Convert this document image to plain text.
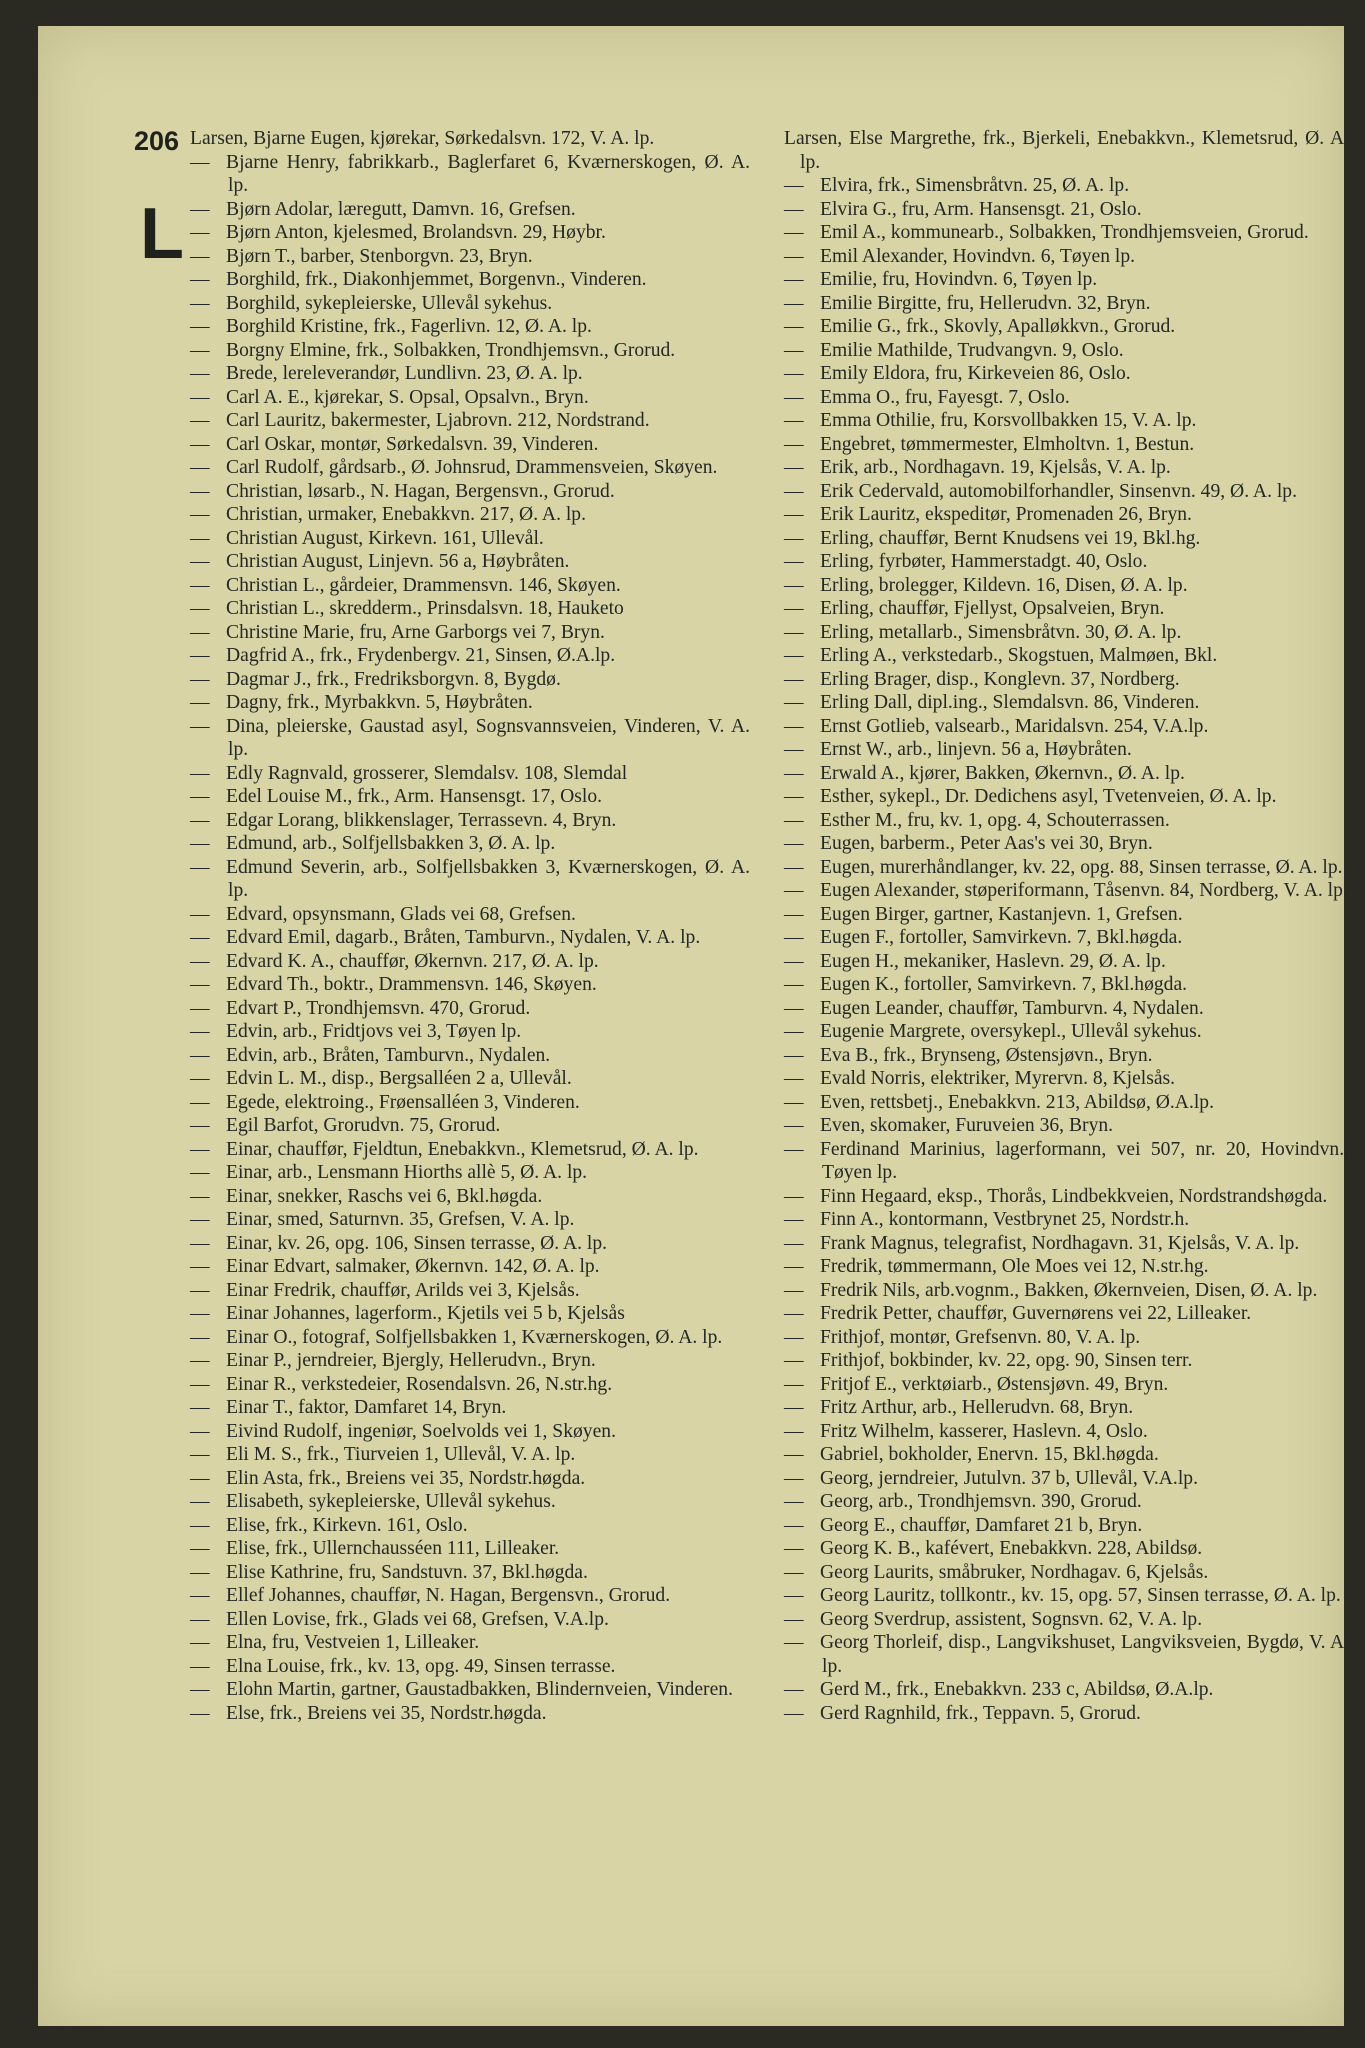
206
L
Larsen, Bjarne Eugen, kjørekar, Sørkedalsvn. 172, V. A. lp.
— Bjarne Henry, fabrikkarb., Baglerfaret 6, Kværnerskogen, Ø. A. lp.
— Bjørn Adolar, læregutt, Damvn. 16, Grefsen.
— Bjørn Anton, kjelesmed, Brolandsvn. 29, Høybr.
— Bjørn T., barber, Stenborgvn. 23, Bryn.
— Borghild, frk., Diakonhjemmet, Borgenvn., Vinderen.
— Borghild, sykepleierske, Ullevål sykehus.
— Borghild Kristine, frk., Fagerlivn. 12, Ø. A. lp.
— Borgny Elmine, frk., Solbakken, Trondhjemsvn., Grorud.
— Brede, lereleverandør, Lundlivn. 23, Ø. A. lp.
— Carl A. E., kjørekar, S. Opsal, Opsalvn., Bryn.
— Carl Lauritz, bakermester, Ljabrovn. 212, Nordstrand.
— Carl Oskar, montør, Sørkedalsvn. 39, Vinderen.
— Carl Rudolf, gårdsarb., Ø. Johnsrud, Drammensveien, Skøyen.
— Christian, løsarb., N. Hagan, Bergensvn., Grorud.
— Christian, urmaker, Enebakkvn. 217, Ø. A. lp.
— Christian August, Kirkevn. 161, Ullevål.
— Christian August, Linjevn. 56 a, Høybråten.
— Christian L., gårdeier, Drammensvn. 146, Skøyen.
— Christian L., skredderm., Prinsdalsvn. 18, Hauketo
— Christine Marie, fru, Arne Garborgs vei 7, Bryn.
— Dagfrid A., frk., Frydenbergv. 21, Sinsen, Ø.A.lp.
— Dagmar J., frk., Fredriksborgvn. 8, Bygdø.
— Dagny, frk., Myrbakkvn. 5, Høybråten.
— Dina, pleierske, Gaustad asyl, Sognsvannsveien, Vinderen, V. A. lp.
— Edly Ragnvald, grosserer, Slemdalsv. 108, Slemdal
— Edel Louise M., frk., Arm. Hansensgt. 17, Oslo.
— Edgar Lorang, blikkenslager, Terrassevn. 4, Bryn.
— Edmund, arb., Solfjellsbakken 3, Ø. A. lp.
— Edmund Severin, arb., Solfjellsbakken 3, Kværnerskogen, Ø. A. lp.
— Edvard, opsynsmann, Glads vei 68, Grefsen.
— Edvard Emil, dagarb., Bråten, Tamburvn., Nydalen, V. A. lp.
— Edvard K. A., chauffør, Økernvn. 217, Ø. A. lp.
— Edvard Th., boktr., Drammensvn. 146, Skøyen.
— Edvart P., Trondhjemsvn. 470, Grorud.
— Edvin, arb., Fridtjovs vei 3, Tøyen lp.
— Edvin, arb., Bråten, Tamburvn., Nydalen.
— Edvin L. M., disp., Bergsalléen 2 a, Ullevål.
— Egede, elektroing., Frøensalléen 3, Vinderen.
— Egil Barfot, Grorudvn. 75, Grorud.
— Einar, chauffør, Fjeldtun, Enebakkvn., Klemetsrud, Ø. A. lp.
— Einar, arb., Lensmann Hiorths allè 5, Ø. A. lp.
— Einar, snekker, Raschs vei 6, Bkl.høgda.
— Einar, smed, Saturnvn. 35, Grefsen, V. A. lp.
— Einar, kv. 26, opg. 106, Sinsen terrasse, Ø. A. lp.
— Einar Edvart, salmaker, Økernvn. 142, Ø. A. lp.
— Einar Fredrik, chauffør, Arilds vei 3, Kjelsås.
— Einar Johannes, lagerform., Kjetils vei 5 b, Kjelsås
— Einar O., fotograf, Solfjellsbakken 1, Kværnerskogen, Ø. A. lp.
— Einar P., jerndreier, Bjergly, Hellerudvn., Bryn.
— Einar R., verkstedeier, Rosendalsvn. 26, N.str.hg.
— Einar T., faktor, Damfaret 14, Bryn.
— Eivind Rudolf, ingeniør, Soelvolds vei 1, Skøyen.
— Eli M. S., frk., Tiurveien 1, Ullevål, V. A. lp.
— Elin Asta, frk., Breiens vei 35, Nordstr.høgda.
— Elisabeth, sykepleierske, Ullevål sykehus.
— Elise, frk., Kirkevn. 161, Oslo.
— Elise, frk., Ullernchausséen 111, Lilleaker.
— Elise Kathrine, fru, Sandstuvn. 37, Bkl.høgda.
— Ellef Johannes, chauffør, N. Hagan, Bergensvn., Grorud.
— Ellen Lovise, frk., Glads vei 68, Grefsen, V.A.lp.
— Elna, fru, Vestveien 1, Lilleaker.
— Elna Louise, frk., kv. 13, opg. 49, Sinsen terrasse.
— Elohn Martin, gartner, Gaustadbakken, Blindernveien, Vinderen.
— Else, frk., Breiens vei 35, Nordstr.høgda.
Larsen, Else Margrethe, frk., Bjerkeli, Enebakkvn., Klemetsrud, Ø. A. lp.
— Elvira, frk., Simensbråtvn. 25, Ø. A. lp.
— Elvira G., fru, Arm. Hansensgt. 21, Oslo.
— Emil A., kommunearb., Solbakken, Trondhjemsveien, Grorud.
— Emil Alexander, Hovindvn. 6, Tøyen lp.
— Emilie, fru, Hovindvn. 6, Tøyen lp.
— Emilie Birgitte, fru, Hellerudvn. 32, Bryn.
— Emilie G., frk., Skovly, Apalløkkvn., Grorud.
— Emilie Mathilde, Trudvangvn. 9, Oslo.
— Emily Eldora, fru, Kirkeveien 86, Oslo.
— Emma O., fru, Fayesgt. 7, Oslo.
— Emma Othilie, fru, Korsvollbakken 15, V. A. lp.
— Engebret, tømmermester, Elmholtvn. 1, Bestun.
— Erik, arb., Nordhagavn. 19, Kjelsås, V. A. lp.
— Erik Cedervald, automobilforhandler, Sinsenvn. 49, Ø. A. lp.
— Erik Lauritz, ekspeditør, Promenaden 26, Bryn.
— Erling, chauffør, Bernt Knudsens vei 19, Bkl.hg.
— Erling, fyrbøter, Hammerstadgt. 40, Oslo.
— Erling, brolegger, Kildevn. 16, Disen, Ø. A. lp.
— Erling, chauffør, Fjellyst, Opsalveien, Bryn.
— Erling, metallarb., Simensbråtvn. 30, Ø. A. lp.
— Erling A., verkstedarb., Skogstuen, Malmøen, Bkl.
— Erling Brager, disp., Konglevn. 37, Nordberg.
— Erling Dall, dipl.ing., Slemdalsvn. 86, Vinderen.
— Ernst Gotlieb, valsearb., Maridalsvn. 254, V.A.lp.
— Ernst W., arb., linjevn. 56 a, Høybråten.
— Erwald A., kjører, Bakken, Økernvn., Ø. A. lp.
— Esther, sykepl., Dr. Dedichens asyl, Tvetenveien, Ø. A. lp.
— Esther M., fru, kv. 1, opg. 4, Schouterrassen.
— Eugen, barberm., Peter Aas's vei 30, Bryn.
— Eugen, murerhåndlanger, kv. 22, opg. 88, Sinsen terrasse, Ø. A. lp.
— Eugen Alexander, støperiformann, Tåsenvn. 84, Nordberg, V. A. lp.
— Eugen Birger, gartner, Kastanjevn. 1, Grefsen.
— Eugen F., fortoller, Samvirkevn. 7, Bkl.høgda.
— Eugen H., mekaniker, Haslevn. 29, Ø. A. lp.
— Eugen K., fortoller, Samvirkevn. 7, Bkl.høgda.
— Eugen Leander, chauffør, Tamburvn. 4, Nydalen.
— Eugenie Margrete, oversykepl., Ullevål sykehus.
— Eva B., frk., Brynseng, Østensjøvn., Bryn.
— Evald Norris, elektriker, Myrervn. 8, Kjelsås.
— Even, rettsbetj., Enebakkvn. 213, Abildsø, Ø.A.lp.
— Even, skomaker, Furuveien 36, Bryn.
— Ferdinand Marinius, lagerformann, vei 507, nr. 20, Hovindvn., Tøyen lp.
— Finn Hegaard, eksp., Thorås, Lindbekkveien, Nordstrandshøgda.
— Finn A., kontormann, Vestbrynet 25, Nordstr.h.
— Frank Magnus, telegrafist, Nordhagavn. 31, Kjelsås, V. A. lp.
— Fredrik, tømmermann, Ole Moes vei 12, N.str.hg.
— Fredrik Nils, arb.vognm., Bakken, Økernveien, Disen, Ø. A. lp.
— Fredrik Petter, chauffør, Guvernørens vei 22, Lilleaker.
— Frithjof, montør, Grefsenvn. 80, V. A. lp.
— Frithjof, bokbinder, kv. 22, opg. 90, Sinsen terr.
— Fritjof E., verktøiarb., Østensjøvn. 49, Bryn.
— Fritz Arthur, arb., Hellerudvn. 68, Bryn.
— Fritz Wilhelm, kasserer, Haslevn. 4, Oslo.
— Gabriel, bokholder, Enervn. 15, Bkl.høgda.
— Georg, jerndreier, Jutulvn. 37 b, Ullevål, V.A.lp.
— Georg, arb., Trondhjemsvn. 390, Grorud.
— Georg E., chauffør, Damfaret 21 b, Bryn.
— Georg K. B., kafévert, Enebakkvn. 228, Abildsø.
— Georg Laurits, småbruker, Nordhagav. 6, Kjelsås.
— Georg Lauritz, tollkontr., kv. 15, opg. 57, Sinsen terrasse, Ø. A. lp.
— Georg Sverdrup, assistent, Sognsvn. 62, V. A. lp.
— Georg Thorleif, disp., Langvikshuset, Langviksveien, Bygdø, V. A. lp.
— Gerd M., frk., Enebakkvn. 233 c, Abildsø, Ø.A.lp.
— Gerd Ragnhild, frk., Teppavn. 5, Grorud.
